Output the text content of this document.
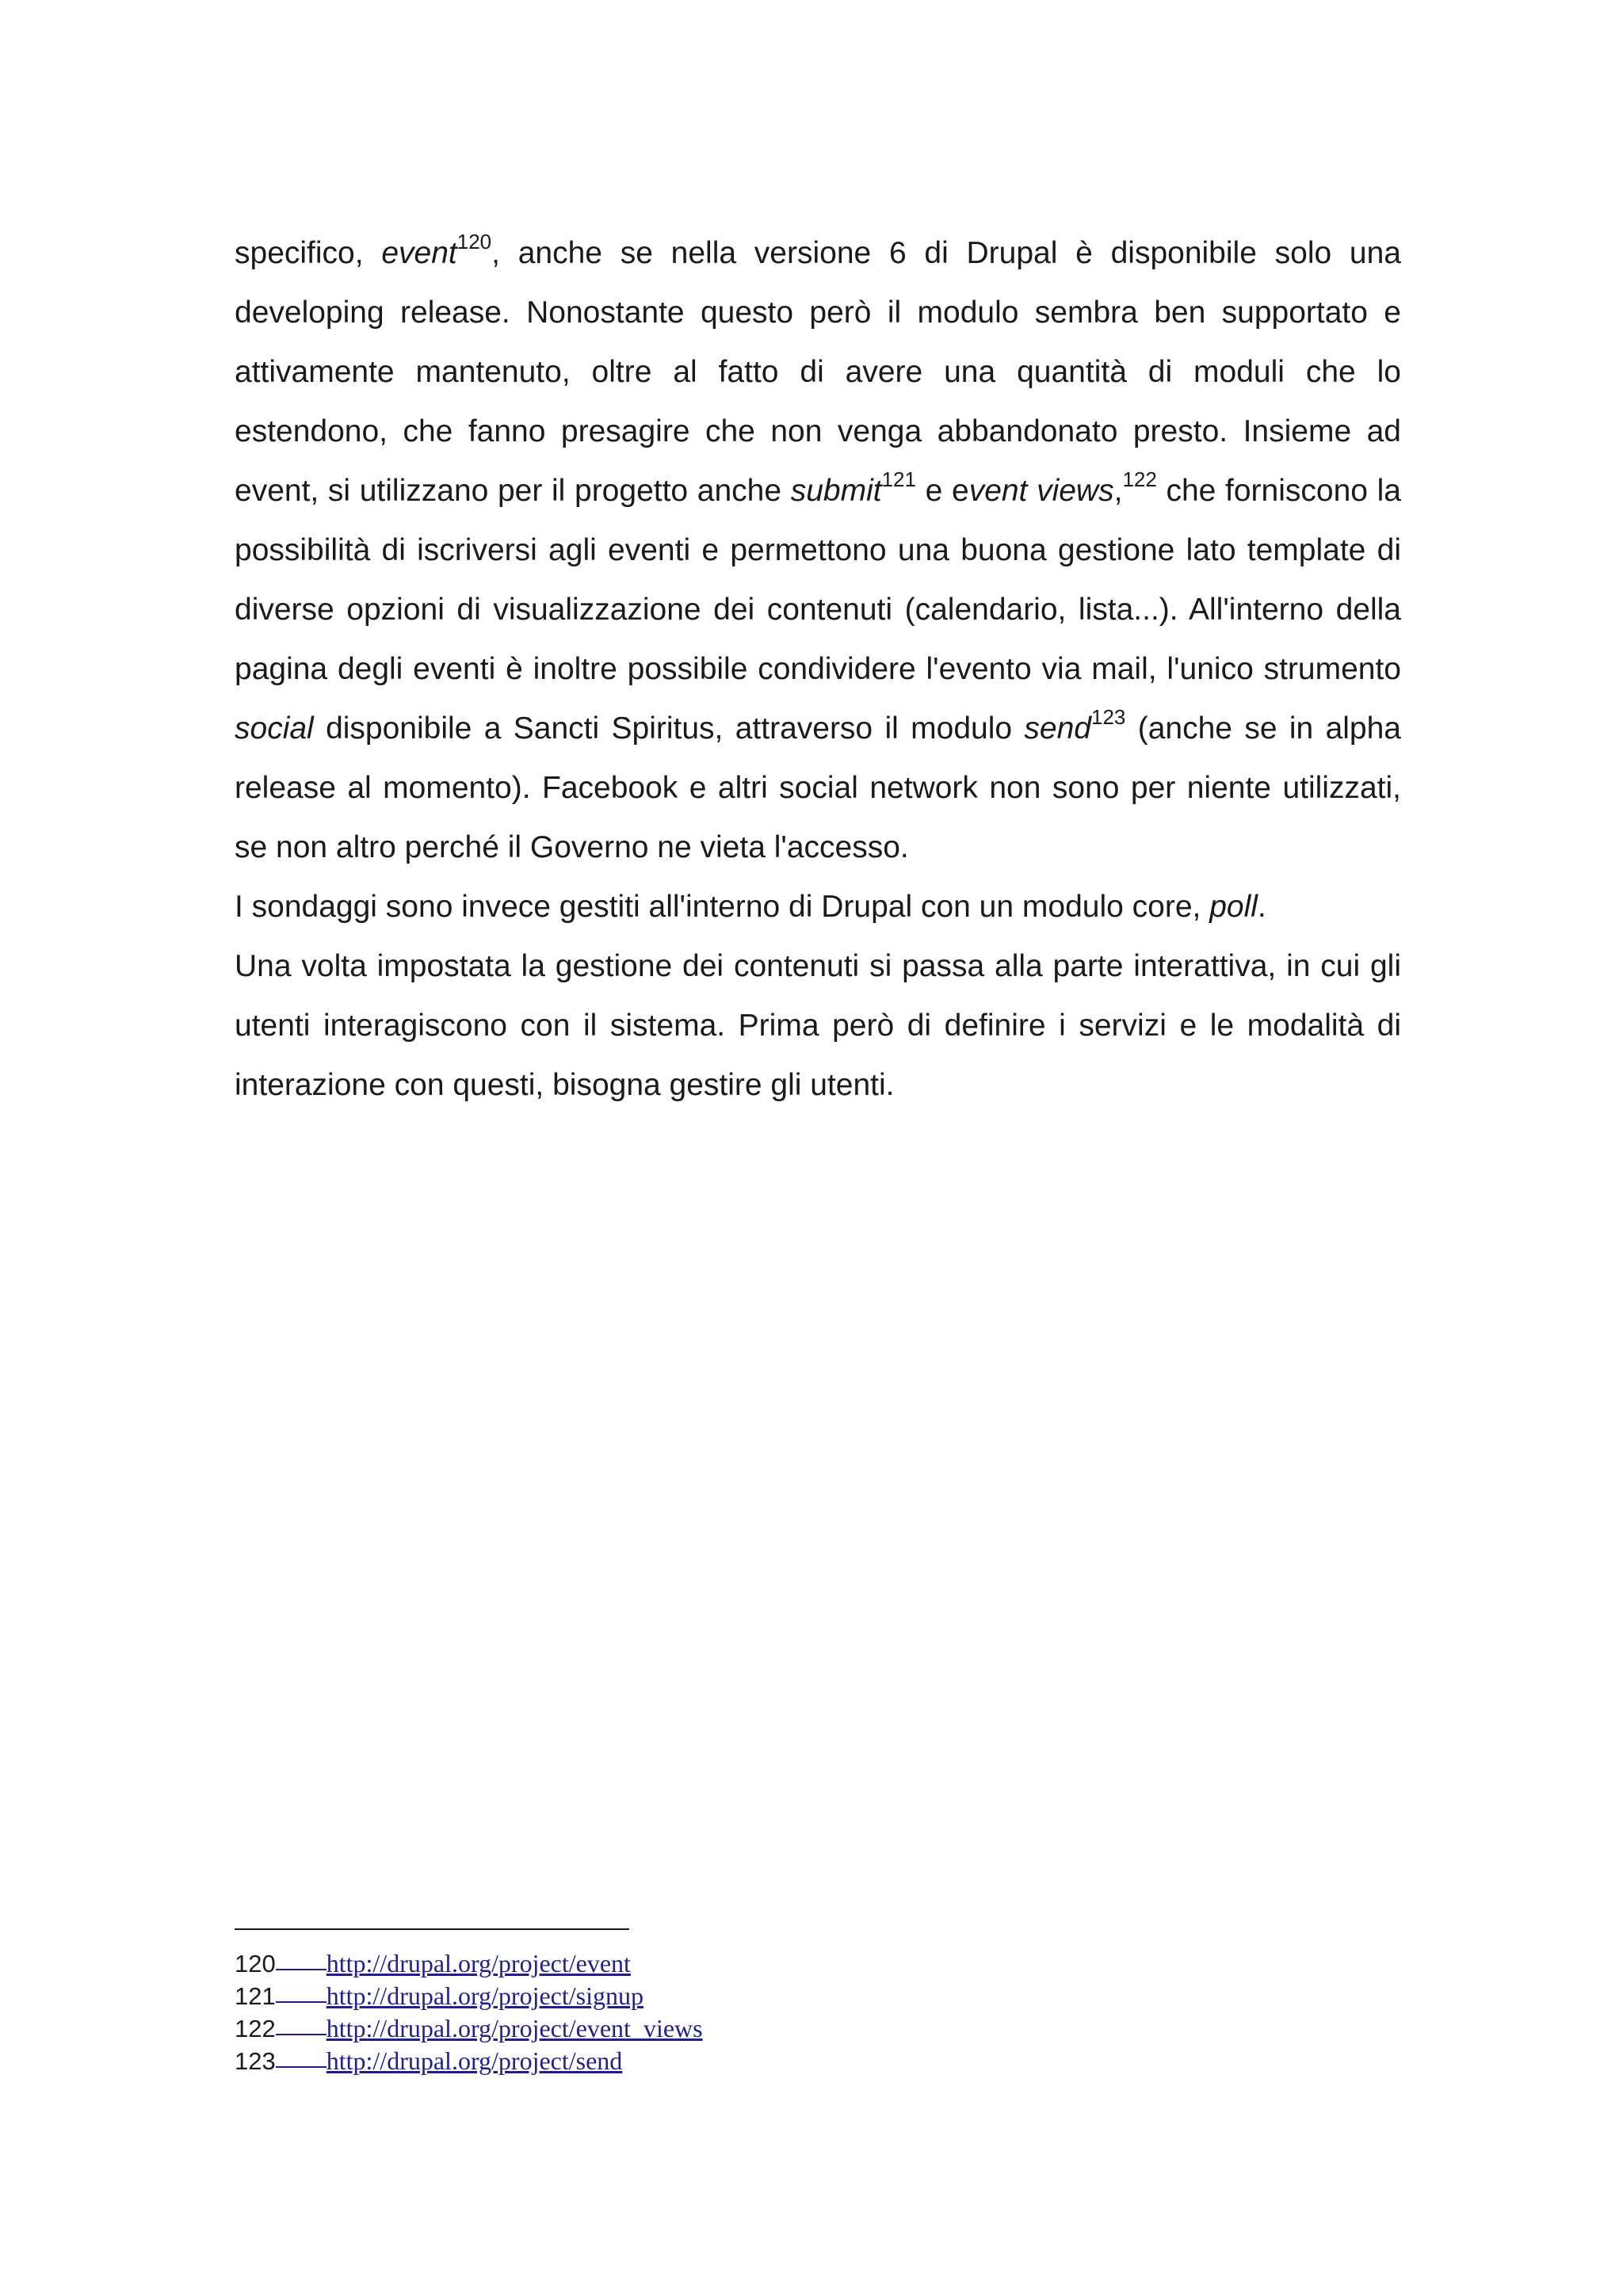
specifico, event$^{120}$, anche se nella versione 6 di Drupal è disponibile solo una developing release. Nonostante questo però il modulo sembra ben supportato e attivamente mantenuto, oltre al fatto di avere una quantità di moduli che lo estendono, che fanno presagire che non venga abbandonato presto. Insieme ad event, si utilizzano per il progetto anche submit$^{121}$ e event views,$^{122}$ che forniscono la possibilità di iscriversi agli eventi e permettono una buona gestione lato template di diverse opzioni di visualizzazione dei contenuti (calendario, lista...). All'interno della pagina degli eventi è inoltre possibile condividere l'evento via mail, l'unico strumento social disponibile a Sancti Spiritus, attraverso il modulo send$^{123}$ (anche se in alpha release al momento). Facebook e altri social network non sono per niente utilizzati, se non altro perché il Governo ne vieta l'accesso.

I sondaggi sono invece gestiti all'interno di Drupal con un modulo core, poll.

Una volta impostata la gestione dei contenuti si passa alla parte interattiva, in cui gli utenti interagiscono con il sistema. Prima però di definire i servizi e le modalità di interazione con questi, bisogna gestire gli utenti.

120	http://drupal.org/project/event
121	http://drupal.org/project/signup
122	http://drupal.org/project/event_views
123	http://drupal.org/project/send
